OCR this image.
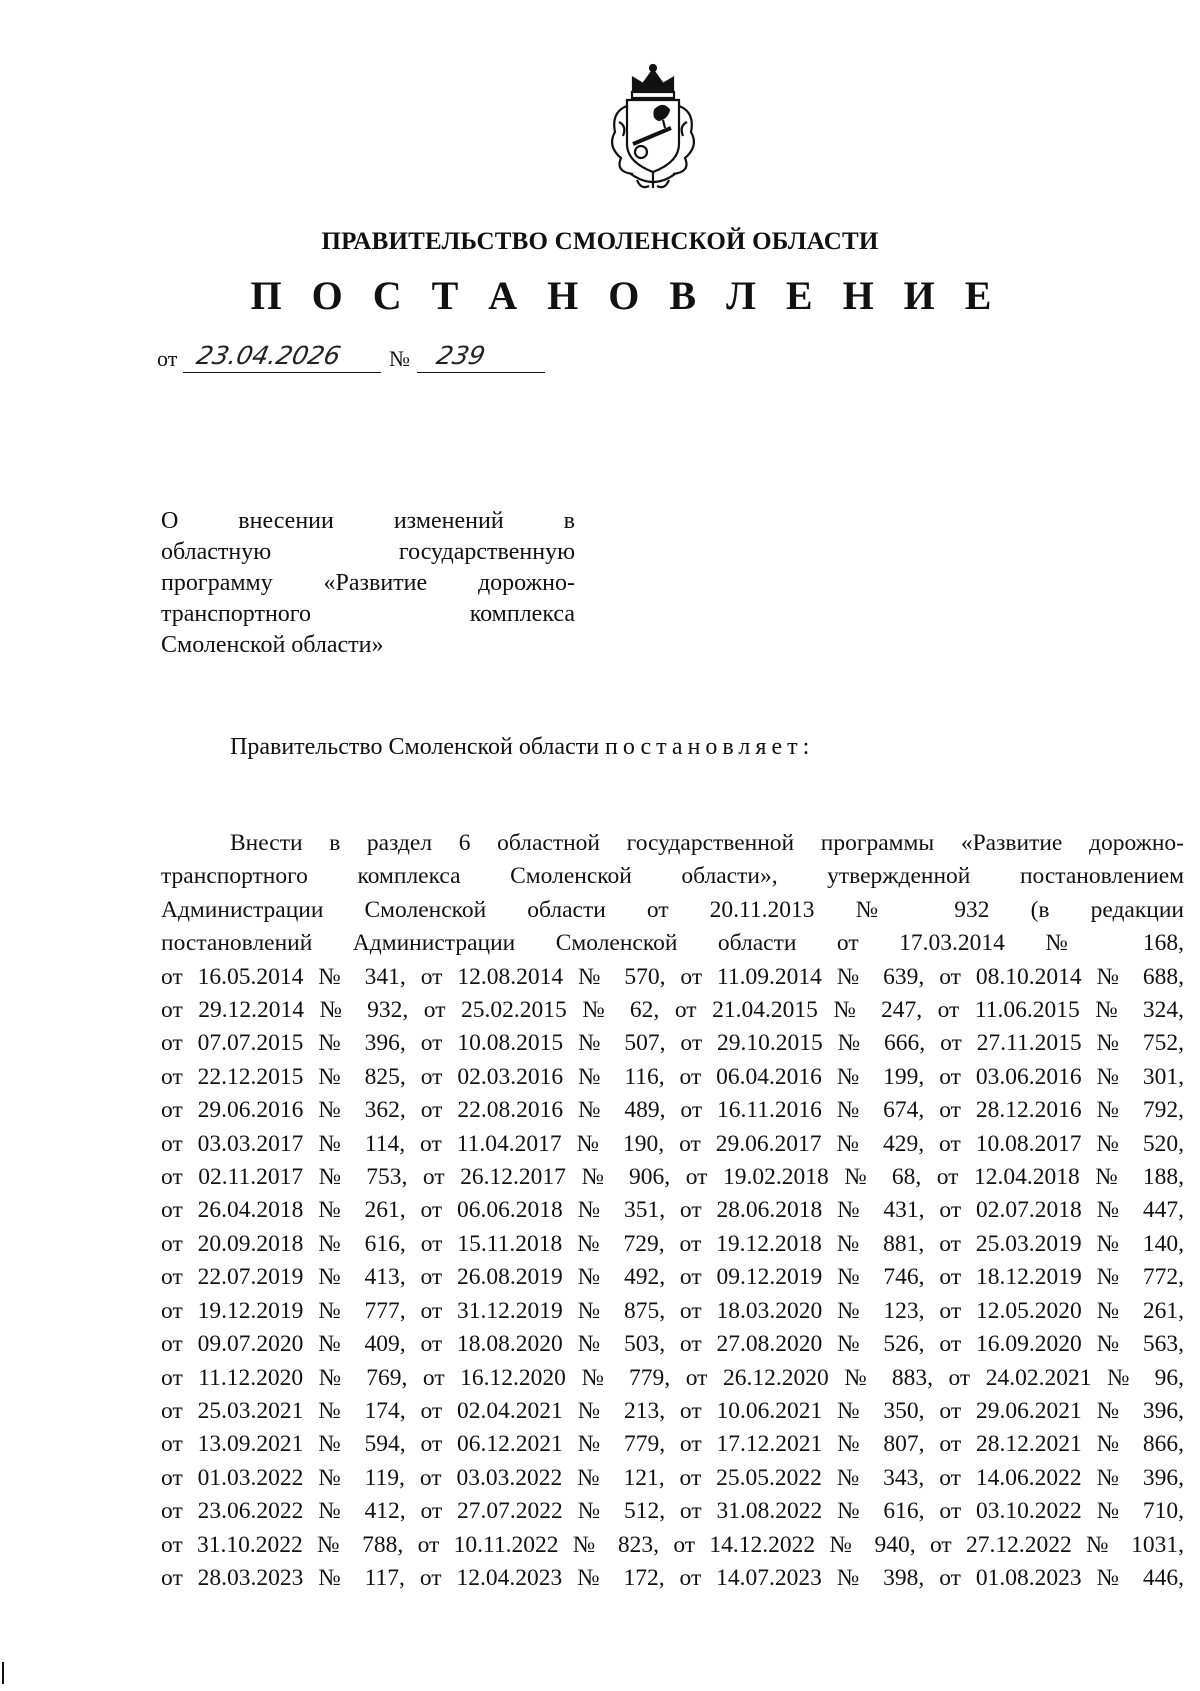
ПРАВИТЕЛЬСТВО СМОЛЕНСКОЙ ОБЛАСТИ
П О С Т А Н О В Л Е Н И Е
от 23.04.2026 № 239
О внесении изменений в
областную государственную
программу «Развитие дорожно-
транспортного комплекса
Смоленской области»
Правительство Смоленской области постановляет:
Внести в раздел 6 областной государственной программы «Развитие дорожно-
транспортного комплекса Смоленской области», утвержденной постановлением
Администрации Смоленской области от 20.11.2013 № 932 (в редакции
постановлений Администрации Смоленской области от 17.03.2014 № 168,
от 16.05.2014 № 341, от 12.08.2014 № 570, от 11.09.2014 № 639, от 08.10.2014 № 688,
от 29.12.2014 № 932, от 25.02.2015 № 62, от 21.04.2015 № 247, от 11.06.2015 № 324,
от 07.07.2015 № 396, от 10.08.2015 № 507, от 29.10.2015 № 666, от 27.11.2015 № 752,
от 22.12.2015 № 825, от 02.03.2016 № 116, от 06.04.2016 № 199, от 03.06.2016 № 301,
от 29.06.2016 № 362, от 22.08.2016 № 489, от 16.11.2016 № 674, от 28.12.2016 № 792,
от 03.03.2017 № 114, от 11.04.2017 № 190, от 29.06.2017 № 429, от 10.08.2017 № 520,
от 02.11.2017 № 753, от 26.12.2017 № 906, от 19.02.2018 № 68, от 12.04.2018 № 188,
от 26.04.2018 № 261, от 06.06.2018 № 351, от 28.06.2018 № 431, от 02.07.2018 № 447,
от 20.09.2018 № 616, от 15.11.2018 № 729, от 19.12.2018 № 881, от 25.03.2019 № 140,
от 22.07.2019 № 413, от 26.08.2019 № 492, от 09.12.2019 № 746, от 18.12.2019 № 772,
от 19.12.2019 № 777, от 31.12.2019 № 875, от 18.03.2020 № 123, от 12.05.2020 № 261,
от 09.07.2020 № 409, от 18.08.2020 № 503, от 27.08.2020 № 526, от 16.09.2020 № 563,
от 11.12.2020 № 769, от 16.12.2020 № 779, от 26.12.2020 № 883, от 24.02.2021 № 96,
от 25.03.2021 № 174, от 02.04.2021 № 213, от 10.06.2021 № 350, от 29.06.2021 № 396,
от 13.09.2021 № 594, от 06.12.2021 № 779, от 17.12.2021 № 807, от 28.12.2021 № 866,
от 01.03.2022 № 119, от 03.03.2022 № 121, от 25.05.2022 № 343, от 14.06.2022 № 396,
от 23.06.2022 № 412, от 27.07.2022 № 512, от 31.08.2022 № 616, от 03.10.2022 № 710,
от 31.10.2022 № 788, от 10.11.2022 № 823, от 14.12.2022 № 940, от 27.12.2022 № 1031,
от 28.03.2023 № 117, от 12.04.2023 № 172, от 14.07.2023 № 398, от 01.08.2023 № 446,
